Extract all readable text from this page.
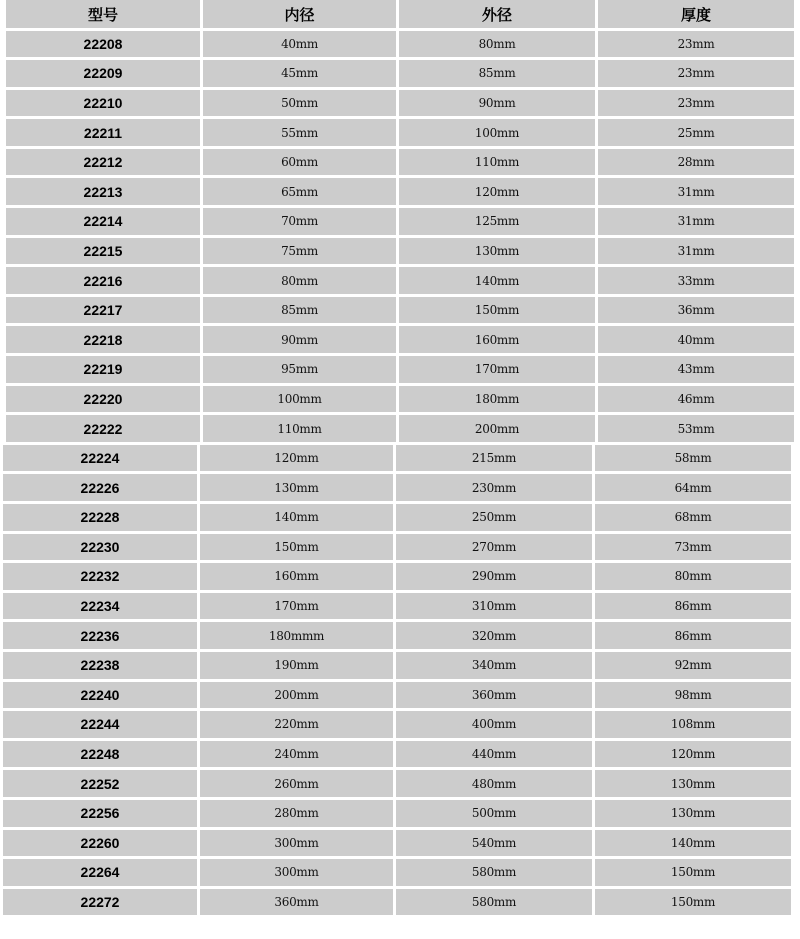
型号	内径	外径	厚度
22208	40mm	80mm	23mm
22209	45mm	85mm	23mm
22210	50mm	90mm	23mm
22211	55mm	100mm	25mm
22212	60mm	110mm	28mm
22213	65mm	120mm	31mm
22214	70mm	125mm	31mm
22215	75mm	130mm	31mm
22216	80mm	140mm	33mm
22217	85mm	150mm	36mm
22218	90mm	160mm	40mm
22219	95mm	170mm	43mm
22220	100mm	180mm	46mm
22222	110mm	200mm	53mm
22224	120mm	215mm	58mm
22226	130mm	230mm	64mm
22228	140mm	250mm	68mm
22230	150mm	270mm	73mm
22232	160mm	290mm	80mm
22234	170mm	310mm	86mm
22236	180mmm	320mm	86mm
22238	190mm	340mm	92mm
22240	200mm	360mm	98mm
22244	220mm	400mm	108mm
22248	240mm	440mm	120mm
22252	260mm	480mm	130mm
22256	280mm	500mm	130mm
22260	300mm	540mm	140mm
22264	300mm	580mm	150mm
22272	360mm	580mm	150mm
